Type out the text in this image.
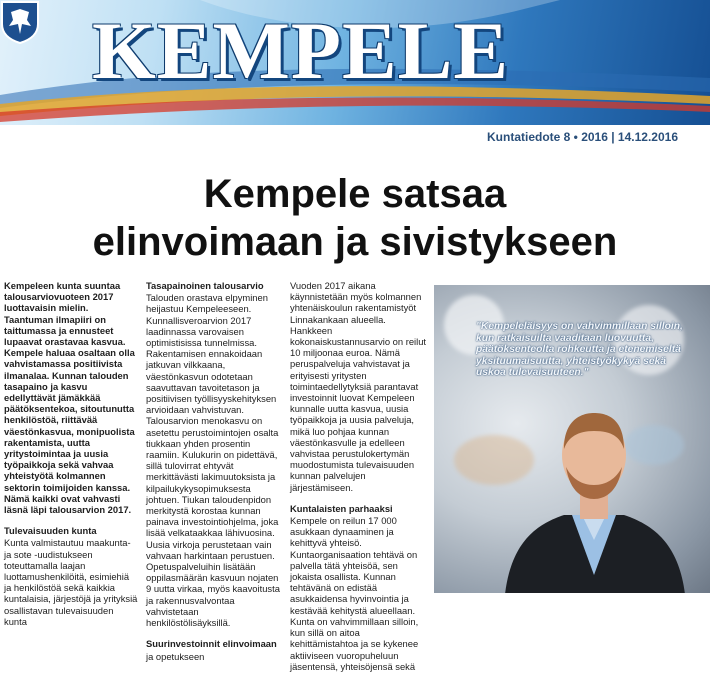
KEMPELE
Kuntatiedote 8 • 2016 | 14.12.2016
Kempele satsaa
elinvoimaan ja sivistykseen

Kempeleen kunta suuntaa talousarviovuoteen 2017 luottavaisin mielin. Taantuman ilmapiiri on taittumassa ja ennusteet lupaavat orastavaa kasvua. Kempele haluaa osaltaan olla vahvistamassa positiivista ilmanalaa. Kunnan talouden tasapaino ja kasvu edellyttävät jämäkkää päätöksentekoa, sitoutunutta henkilöstöä, riittävää väestönkasvua, monipuolista rakentamista, uutta yritystoimintaa ja uusia työpaikkoja sekä vahvaa yhteistyötä kolmannen sektorin toimijoiden kanssa. Nämä kaikki ovat vahvasti läsnä läpi talousarvion 2017.

Tulevaisuuden kunta

Kunta valmistautuu maakunta- ja sote -uudistukseen toteuttamalla laajan luottamushenkilöitä, esimiehiä ja henkilöstöä sekä kaikkia kuntalaisia, järjestöjä ja yrityksiä osallistavan tulevaisuuden kunta

Tasapainoinen talousarvio

Talouden orastava elpyminen heijastuu Kempeleeseen. Kunnallisveroarvion 2017 laadinnassa varovaisen optimistisissa tunnelmissa. Rakentamisen ennakoidaan jatkuvan vilkkaana, väestönkasvun odotetaan saavuttavan tavoitetason ja positiivisen työllisyyskehityksen arvioidaan vahvistuvan. Talousarvion menokasvu on asetettu perustoimintojen osalta tiukkaan yhden prosentin raamiin. Kulukurin on pidettävä, sillä tulovirrat ehtyvät merkittävästi lakimuutoksista ja kilpailukykysopimuksesta johtuen. Tiukan taloudenpidon merkitystä korostaa kunnan painava investointiohjelma, joka lisää velkataakkaa lähivuosina. Uusia virkoja perustetaan vain vahvaan harkintaan perustuen. Opetuspalveluihin lisätään oppilasmäärän kasvuun nojaten 9 uutta virkaa, myös kaavoitusta ja rakennusvalvontaa vahvistetaan henkilöstölisäyksillä.

Suurinvestoinnit elinvoimaan

ja opetukseen

Vuoden 2017 aikana käynnistetään myös kolmannen yhtenäiskoulun rakentamistyöt Linnakankaan alueella. Hankkeen kokonaiskustannusarvio on reilut 10 miljoonaa euroa. Nämä peruspalveluja vahvistavat ja erityisesti yritysten toimintaedellytyksiä parantavat investoinnit luovat Kempeleen kunnalle uutta kasvua, uusia työpaikkoja ja uusia palveluja, mikä luo pohjaa kunnan väestönkasvulle ja edelleen vahvistaa perustulokertymän muodostumista tulevaisuuden kunnan palvelujen järjestämiseen.

Kuntalaisten parhaaksi

Kempele on reilun 17 000 asukkaan dynaaminen ja kehittyvä yhteisö. Kuntaorganisaation tehtävä on palvella tätä yhteisöä, sen jokaista osallista. Kunnan tehtävänä on edistää asukkaidensa hyvinvointia ja kestävää kehitystä alueellaan. Kunta on vahvimmillaan silloin, kun sillä on aitoa kehittämistahtoa ja se kykenee aktiiviseen vuoropuheluun jäsentensä, yhteisöjensä sekä

"Kempeleläisyys on vahvimmillaan silloin, kun ratkaisuilta vaaditaan luovuutta, päätöksenteolta rohkeutta ja etenemiseltä yksituumaisuutta, yhteistyökykyä sekä uskoa tulevaisuuteen."
